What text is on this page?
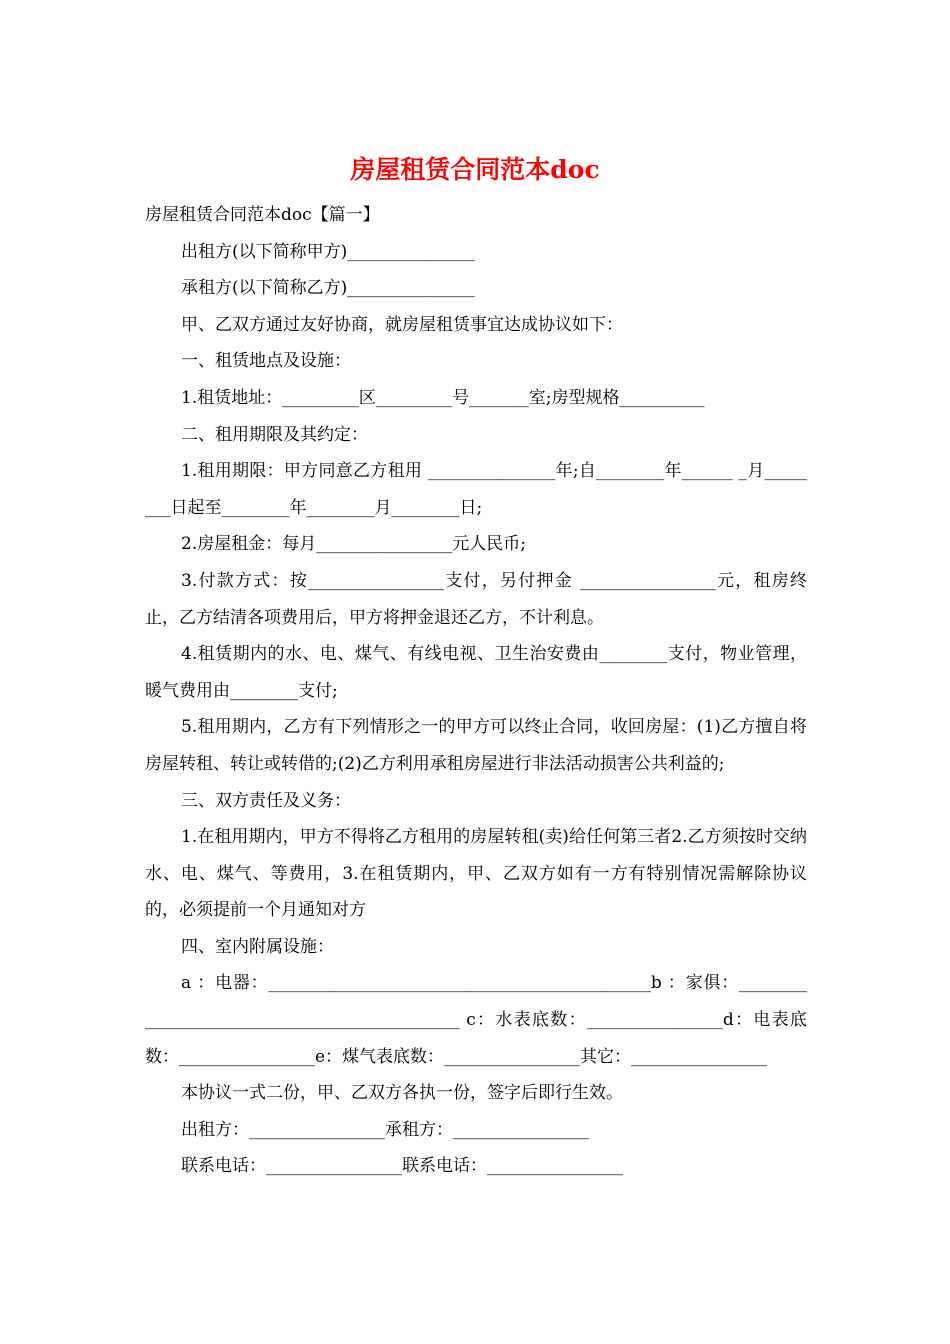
房屋租赁合同范本doc

房屋租赁合同范本doc【篇一】

出租方(以下简称甲方)_______________

承租方(以下简称乙方)_______________

甲、乙双方通过友好协商，就房屋租赁事宜达成协议如下：

一、租赁地点及设施：

1.租赁地址：_________区_________号_______室;房型规格__________

二、租用期限及其约定：

1.租用期限：甲方同意乙方租用 _______________年;自________年______ _月________日起至________年________月________日;

2.房屋租金：每月________________元人民币;

3.付款方式：按________________支付，另付押金 ________________元，租房终止，乙方结清各项费用后，甲方将押金退还乙方，不计利息。

4.租赁期内的水、电、煤气、有线电视、卫生治安费由________支付，物业管理，暖气费用由________支付;

5.租用期内，乙方有下列情形之一的甲方可以终止合同，收回房屋：(1)乙方擅自将房屋转租、转让或转借的;(2)乙方利用承租房屋进行非法活动损害公共利益的;

三、双方责任及义务：

1.在租用期内，甲方不得将乙方租用的房屋转租(卖)给任何第三者2.乙方须按时交纳水、电、煤气、等费用，3.在租赁期内，甲、乙双方如有一方有特别情况需解除协议的，必须提前一个月通知对方

四、室内附属设施：

a ：电器：_____________________________________________b ：家俱：_____________________________________________ c：水表底数：________________d：电表底数：________________e：煤气表底数：________________其它：________________

本协议一式二份，甲、乙双方各执一份，签字后即行生效。

出租方：________________承租方：________________

联系电话：________________联系电话：________________
